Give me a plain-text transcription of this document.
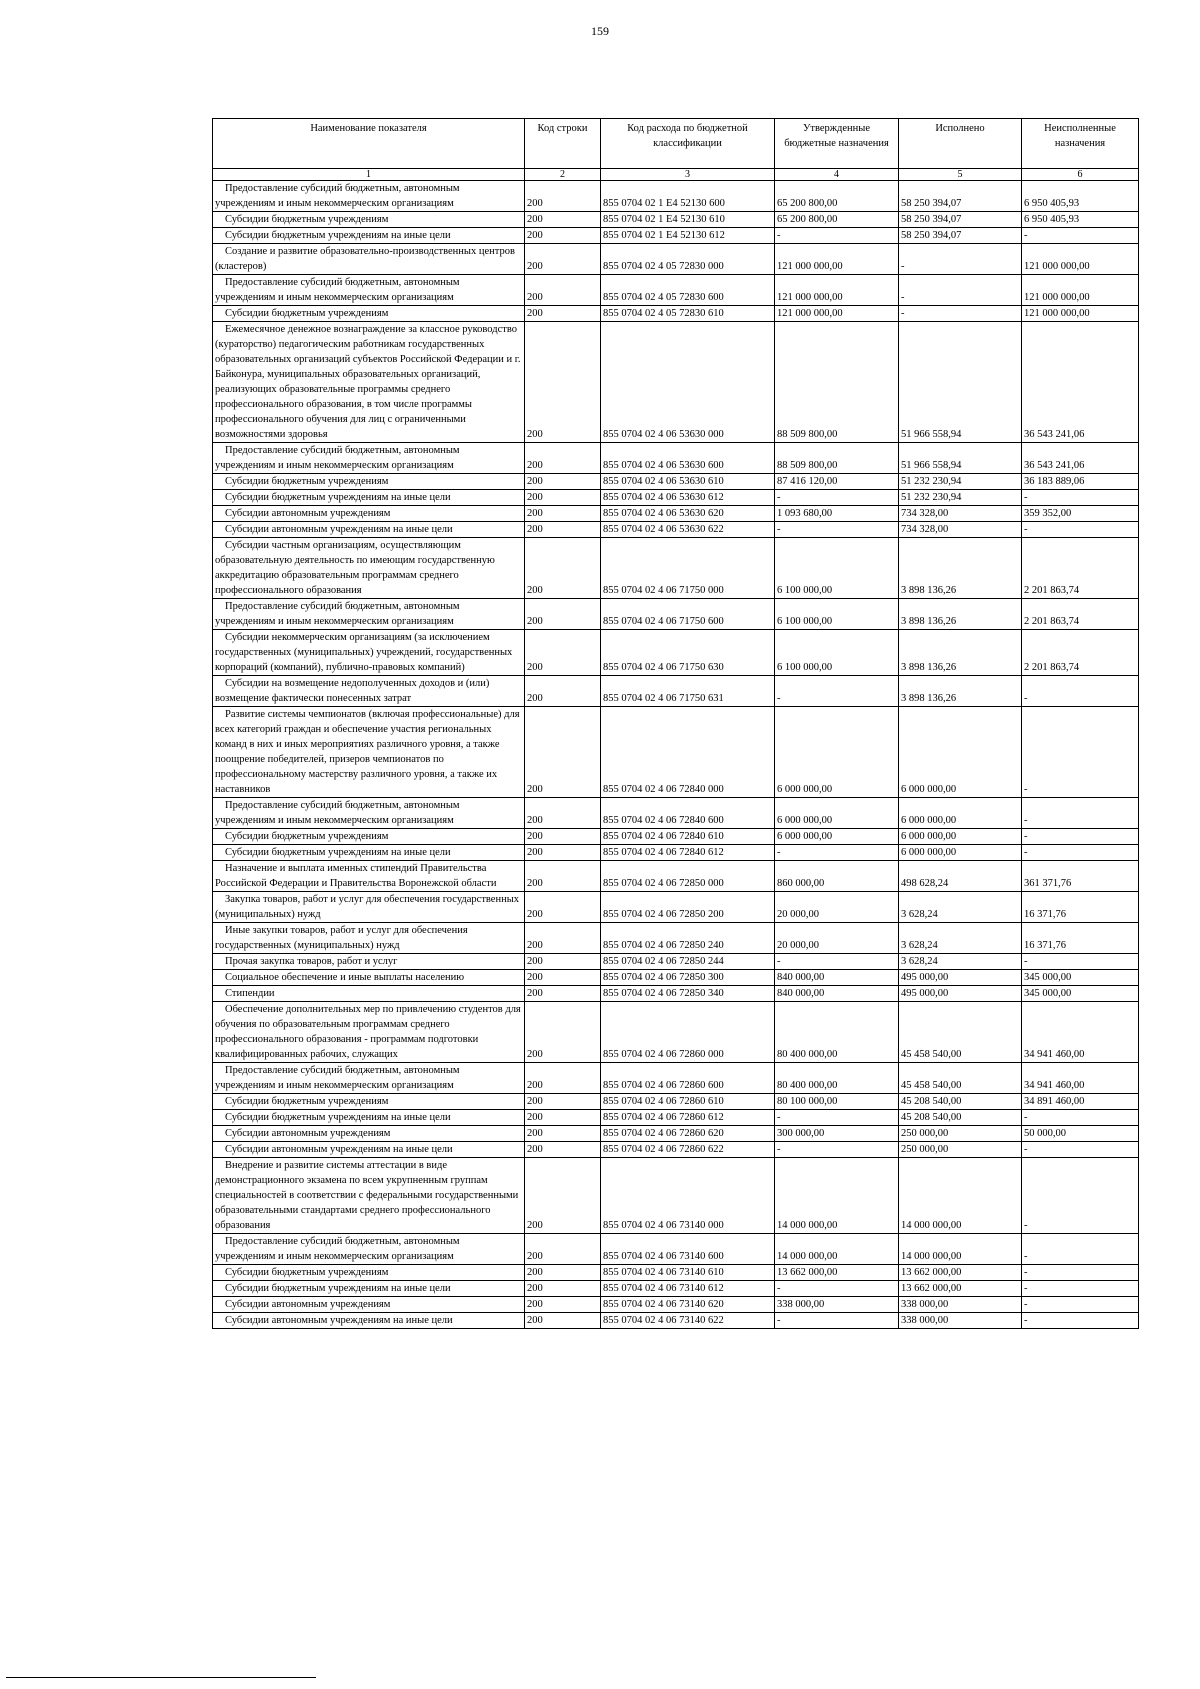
159
Наименование показателя	Код строки	Код расхода по бюджетной классификации	Утвержденные бюджетные назначения	Исполнено	Неисполненные назначения
1	2	3	4	5	6

Предоставление субсидий бюджетным, автономным учреждениям и иным некоммерческим организациям	200	855 0704 02 1 E4 52130 600	65 200 800,00	58 250 394,07	6 950 405,93

Субсидии бюджетным учреждениям	200	855 0704 02 1 E4 52130 610	65 200 800,00	58 250 394,07	6 950 405,93

Субсидии бюджетным учреждениям на иные цели	200	855 0704 02 1 E4 52130 612	-	58 250 394,07	-

Создание и развитие образовательно-производственных центров (кластеров)	200	855 0704 02 4 05 72830 000	121 000 000,00	-	121 000 000,00

Предоставление субсидий бюджетным, автономным учреждениям и иным некоммерческим организациям	200	855 0704 02 4 05 72830 600	121 000 000,00	-	121 000 000,00

Субсидии бюджетным учреждениям	200	855 0704 02 4 05 72830 610	121 000 000,00	-	121 000 000,00

Ежемесячное денежное вознаграждение за классное руководство (кураторство) педагогическим работникам государственных образовательных организаций субъектов Российской Федерации и г. Байконура, муниципальных образовательных организаций, реализующих образовательные программы среднего профессионального образования, в том числе программы профессионального обучения для лиц с ограниченными возможностями здоровья	200	855 0704 02 4 06 53630 000	88 509 800,00	51 966 558,94	36 543 241,06

Предоставление субсидий бюджетным, автономным учреждениям и иным некоммерческим организациям	200	855 0704 02 4 06 53630 600	88 509 800,00	51 966 558,94	36 543 241,06

Субсидии бюджетным учреждениям	200	855 0704 02 4 06 53630 610	87 416 120,00	51 232 230,94	36 183 889,06

Субсидии бюджетным учреждениям на иные цели	200	855 0704 02 4 06 53630 612	-	51 232 230,94	-

Субсидии автономным учреждениям	200	855 0704 02 4 06 53630 620	1 093 680,00	734 328,00	359 352,00

Субсидии автономным учреждениям на иные цели	200	855 0704 02 4 06 53630 622	-	734 328,00	-

Субсидии частным организациям, осуществляющим образовательную деятельность по имеющим государственную аккредитацию образовательным программам среднего профессионального образования	200	855 0704 02 4 06 71750 000	6 100 000,00	3 898 136,26	2 201 863,74

Предоставление субсидий бюджетным, автономным учреждениям и иным некоммерческим организациям	200	855 0704 02 4 06 71750 600	6 100 000,00	3 898 136,26	2 201 863,74

Субсидии некоммерческим организациям (за исключением государственных (муниципальных) учреждений, государственных корпораций (компаний), публично-правовых компаний)	200	855 0704 02 4 06 71750 630	6 100 000,00	3 898 136,26	2 201 863,74

Субсидии на возмещение недополученных доходов и (или) возмещение фактически понесенных затрат	200	855 0704 02 4 06 71750 631	-	3 898 136,26	-

Развитие системы чемпионатов (включая профессиональные) для всех категорий граждан и обеспечение участия региональных команд в них и иных мероприятиях различного уровня, а также поощрение победителей, призеров чемпионатов по профессиональному мастерству различного уровня, а также их наставников	200	855 0704 02 4 06 72840 000	6 000 000,00	6 000 000,00	-

Предоставление субсидий бюджетным, автономным учреждениям и иным некоммерческим организациям	200	855 0704 02 4 06 72840 600	6 000 000,00	6 000 000,00	-

Субсидии бюджетным учреждениям	200	855 0704 02 4 06 72840 610	6 000 000,00	6 000 000,00	-

Субсидии бюджетным учреждениям на иные цели	200	855 0704 02 4 06 72840 612	-	6 000 000,00	-

Назначение и выплата именных стипендий Правительства Российской Федерации и Правительства Воронежской области	200	855 0704 02 4 06 72850 000	860 000,00	498 628,24	361 371,76

Закупка товаров, работ и услуг для обеспечения государственных (муниципальных) нужд	200	855 0704 02 4 06 72850 200	20 000,00	3 628,24	16 371,76

Иные закупки товаров, работ и услуг для обеспечения государственных (муниципальных) нужд	200	855 0704 02 4 06 72850 240	20 000,00	3 628,24	16 371,76

Прочая закупка товаров, работ и услуг	200	855 0704 02 4 06 72850 244	-	3 628,24	-

Социальное обеспечение и иные выплаты населению	200	855 0704 02 4 06 72850 300	840 000,00	495 000,00	345 000,00

Стипендии	200	855 0704 02 4 06 72850 340	840 000,00	495 000,00	345 000,00

Обеспечение дополнительных мер по привлечению студентов для обучения по образовательным программам среднего профессионального образования - программам подготовки квалифицированных рабочих, служащих	200	855 0704 02 4 06 72860 000	80 400 000,00	45 458 540,00	34 941 460,00

Предоставление субсидий бюджетным, автономным учреждениям и иным некоммерческим организациям	200	855 0704 02 4 06 72860 600	80 400 000,00	45 458 540,00	34 941 460,00

Субсидии бюджетным учреждениям	200	855 0704 02 4 06 72860 610	80 100 000,00	45 208 540,00	34 891 460,00

Субсидии бюджетным учреждениям на иные цели	200	855 0704 02 4 06 72860 612	-	45 208 540,00	-

Субсидии автономным учреждениям	200	855 0704 02 4 06 72860 620	300 000,00	250 000,00	50 000,00

Субсидии автономным учреждениям на иные цели	200	855 0704 02 4 06 72860 622	-	250 000,00	-

Внедрение и развитие системы аттестации в виде демонстрационного экзамена по всем укрупненным группам специальностей в соответствии с федеральными государственными образовательными стандартами среднего профессионального образования	200	855 0704 02 4 06 73140 000	14 000 000,00	14 000 000,00	-

Предоставление субсидий бюджетным, автономным учреждениям и иным некоммерческим организациям	200	855 0704 02 4 06 73140 600	14 000 000,00	14 000 000,00	-

Субсидии бюджетным учреждениям	200	855 0704 02 4 06 73140 610	13 662 000,00	13 662 000,00	-

Субсидии бюджетным учреждениям на иные цели	200	855 0704 02 4 06 73140 612	-	13 662 000,00	-

Субсидии автономным учреждениям	200	855 0704 02 4 06 73140 620	338 000,00	338 000,00	-

Субсидии автономным учреждениям на иные цели	200	855 0704 02 4 06 73140 622	-	338 000,00	-
